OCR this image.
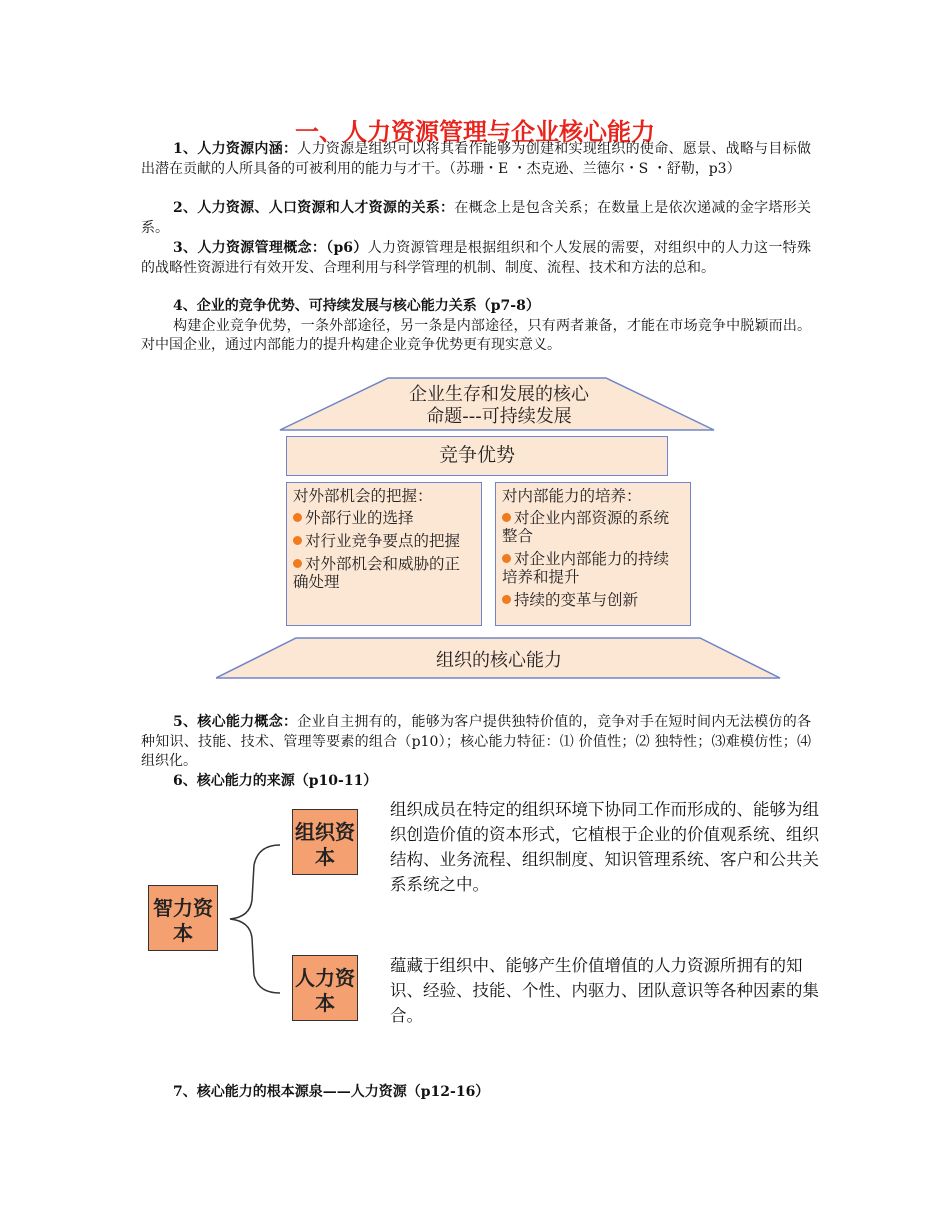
一、人力资源管理与企业核心能力
1、人力资源内涵：人力资源是组织可以将其看作能够为创建和实现组织的使命、愿景、战略与目标做出潜在贡献的人所具备的可被利用的能力与才干。（苏珊・E ・杰克逊、兰德尔・S ・舒勒，p3）
2、人力资源、人口资源和人才资源的关系：在概念上是包含关系；在数量上是依次递减的金字塔形关系。
3、人力资源管理概念：（p6）人力资源管理是根据组织和个人发展的需要，对组织中的人力这一特殊的战略性资源进行有效开发、合理利用与科学管理的机制、制度、流程、技术和方法的总和。
4、企业的竞争优势、可持续发展与核心能力关系（p7-8）
构建企业竞争优势，一条外部途径，另一条是内部途径，只有两者兼备，才能在市场竞争中脱颖而出。对中国企业，通过内部能力的提升构建企业竞争优势更有现实意义。
企业生存和发展的核心
命题---可持续发展
竞争优势
对外部机会的把握：
外部行业的选择
对行业竞争要点的把握
对外部机会和威胁的正确处理
对内部能力的培养：
对企业内部资源的系统整合
对企业内部能力的持续培养和提升
持续的变革与创新
组织的核心能力
5、核心能力概念：企业自主拥有的，能够为客户提供独特价值的，竞争对手在短时间内无法模仿的各种知识、技能、技术、管理等要素的组合（p10）；核心能力特征：⑴ 价值性；⑵ 独特性；⑶难模仿性；⑷组织化。
6、核心能力的来源（p10-11）
智力资本
组织资本
人力资本
组织成员在特定的组织环境下协同工作而形成的、能够为组织创造价值的资本形式，它植根于企业的价值观系统、组织结构、业务流程、组织制度、知识管理系统、客户和公共关系系统之中。
蕴藏于组织中、能够产生价值增值的人力资源所拥有的知识、经验、技能、个性、内驱力、团队意识等各种因素的集合。
7、核心能力的根本源泉——人力资源（p12-16）
